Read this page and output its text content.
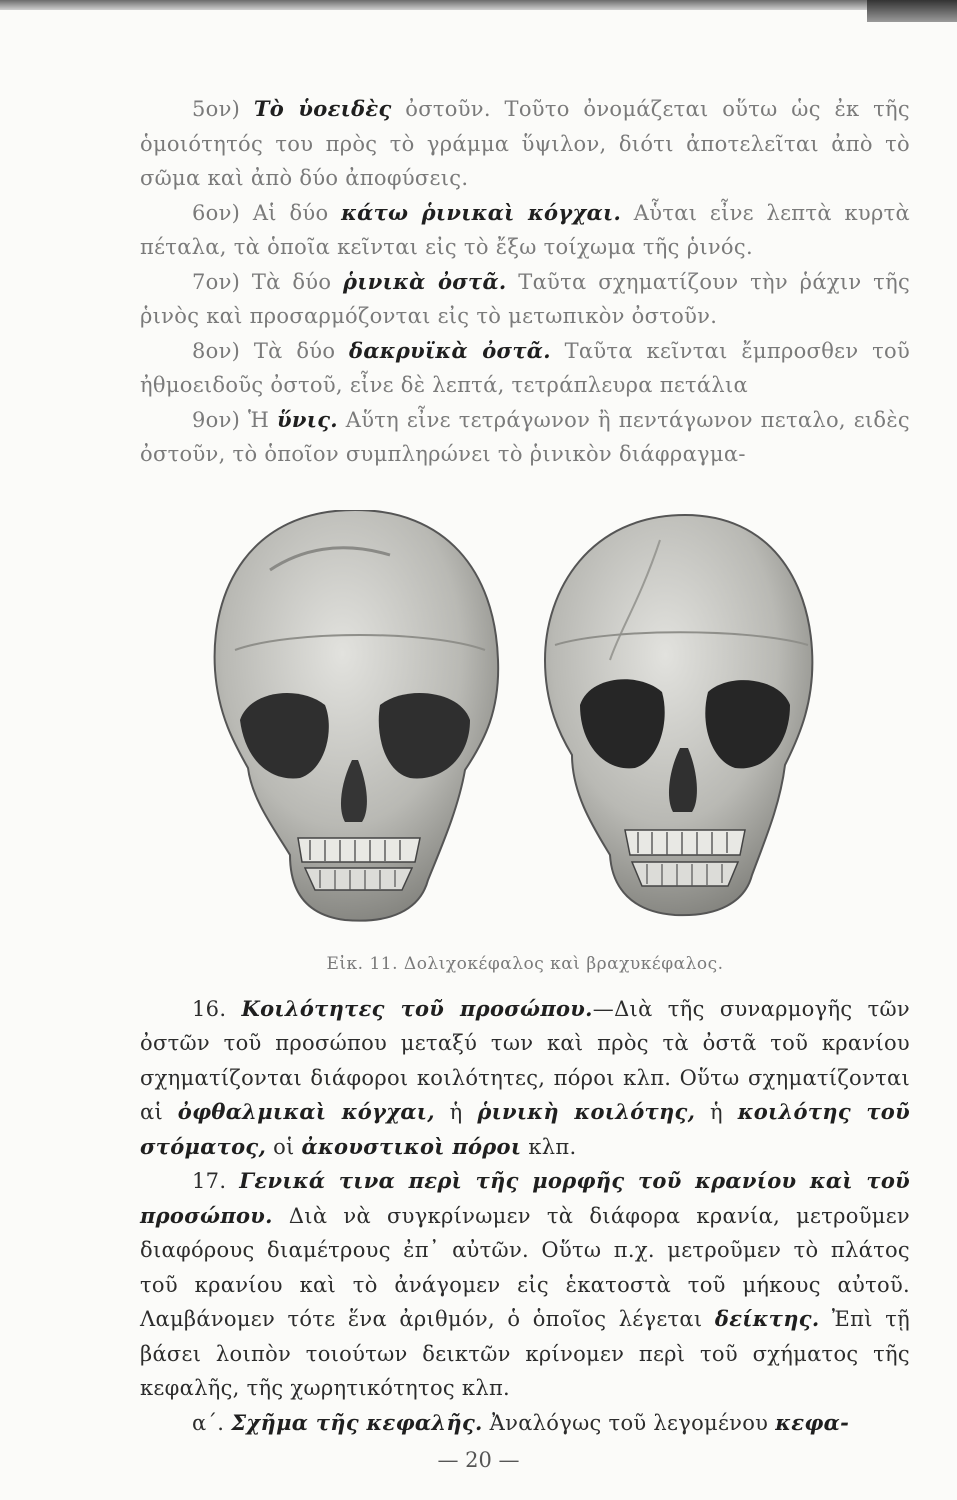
5ον) Τὸ ὑοειδὲς ὀστοῦν. Τοῦτο ὀνομάζεται οὕτω ὡς ἐκ τῆς ὁμοιότητός του πρὸς τὸ γράμμα ὕψιλον, διότι ἀποτελεῖται ἀπὸ τὸ σῶμα καὶ ἀπὸ δύο ἀποφύσεις.

6ον) Αἱ δύο κάτω ῥινικαὶ κόγχαι. Αὗται εἶνε λεπτὰ κυρτὰ πέταλα, τὰ ὁποῖα κεῖνται εἰς τὸ ἔξω τοίχωμα τῆς ῥινός.

7ον) Τὰ δύο ῥινικὰ ὀστᾶ. Ταῦτα σχηματίζουν τὴν ῥάχιν τῆς ῥινὸς καὶ προσαρμόζονται εἰς τὸ μετωπικὸν ὀστοῦν.

8ον) Τὰ δύο δακρυϊκὰ ὀστᾶ. Ταῦτα κεῖνται ἔμπροσθεν τοῦ ἠθμοειδοῦς ὀστοῦ, εἶνε δὲ λεπτά, τετράπλευρα πετάλια

9ον) Ἡ ὕνις. Αὕτη εἶνε τετράγωνον ἢ πεντάγωνον πεταλο, ειδὲς ὀστοῦν, τὸ ὁποῖον συμπληρώνει τὸ ῥινικὸν διάφραγμα-

Εἰκ. 11. Δολιχοκέφαλος καὶ βραχυκέφαλος.

16. Κοιλότητες τοῦ προσώπου.—Διὰ τῆς συναρμογῆς τῶν ὀστῶν τοῦ προσώπου μεταξύ των καὶ πρὸς τὰ ὀστᾶ τοῦ κρανίου σχηματίζονται διάφοροι κοιλότητες, πόροι κλπ. Οὕτω σχηματίζονται αἱ ὀφθαλμικαὶ κόγχαι, ἡ ῥινικὴ κοιλότης, ἡ κοιλότης τοῦ στόματος, οἱ ἀκουστικοὶ πόροι κλπ.

17. Γενικά τινα περὶ τῆς μορφῆς τοῦ κρανίου καὶ τοῦ προσώπου. Διὰ νὰ συγκρίνωμεν τὰ διάφορα κρανία, μετροῦμεν διαφόρους διαμέτρους ἐπ᾽ αὐτῶν. Οὕτω π.χ. μετροῦμεν τὸ πλάτος τοῦ κρανίου καὶ τὸ ἀνάγομεν εἰς ἑκατοστὰ τοῦ μήκους αὐτοῦ. Λαμβάνομεν τότε ἕνα ἀριθμόν, ὁ ὁποῖος λέγεται δείκτης. Ἐπὶ τῇ βάσει λοιπὸν τοιούτων δεικτῶν κρίνομεν περὶ τοῦ σχήματος τῆς κεφαλῆς, τῆς χωρητικότητος κλπ.

α΄. Σχῆμα τῆς κεφαλῆς. Ἀναλόγως τοῦ λεγομένου κεφα-

— 20 —
